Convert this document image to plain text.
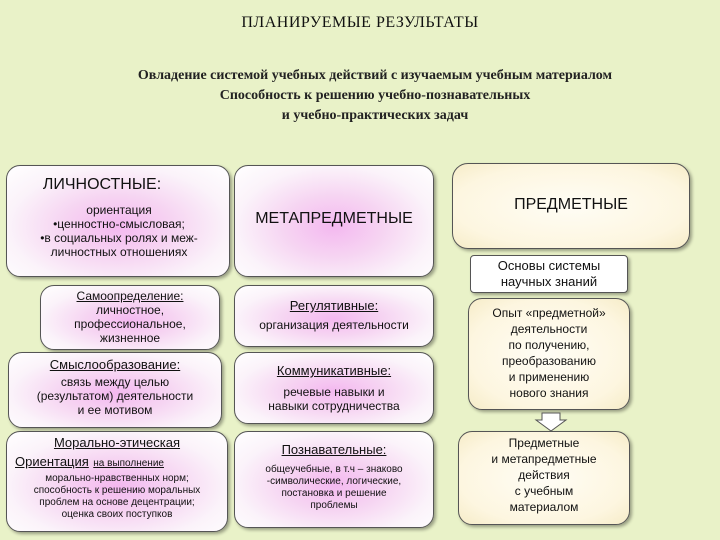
ПЛАНИРУЕМЫЕ РЕЗУЛЬТАТЫ
Овладение системой учебных действий с изучаемым учебным материалом
Способность к решению учебно-познавательных
и учебно-практических задач
ЛИЧНОСТНЫЕ:
ориентация
•ценностно-смысловая;
•в социальных ролях и меж-
личностных отношениях
Самоопределение:
личностное,
профессиональное,
жизненное
Смыслообразование:
связь между целью
(результатом) деятельности
и ее мотивом
Морально-этическая
Ориентация на выполнение
морально-нравственных норм;
способность к решению моральных
проблем на основе децентрации;
оценка своих поступков
МЕТАПРЕДМЕТНЫЕ
Регулятивные:
организация деятельности
Коммуникативные:
речевые навыки и
навыки сотрудничества
Познавательные:
общеучебные, в т.ч – знаково
-символические, логические,
постановка и решение
проблемы
ПРЕДМЕТНЫЕ
Основы системы
научных знаний
Опыт «предметной»
деятельности
по получению,
преобразованию
и применению
нового знания
Предметные
и метапредметные
действия
с учебным
материалом
